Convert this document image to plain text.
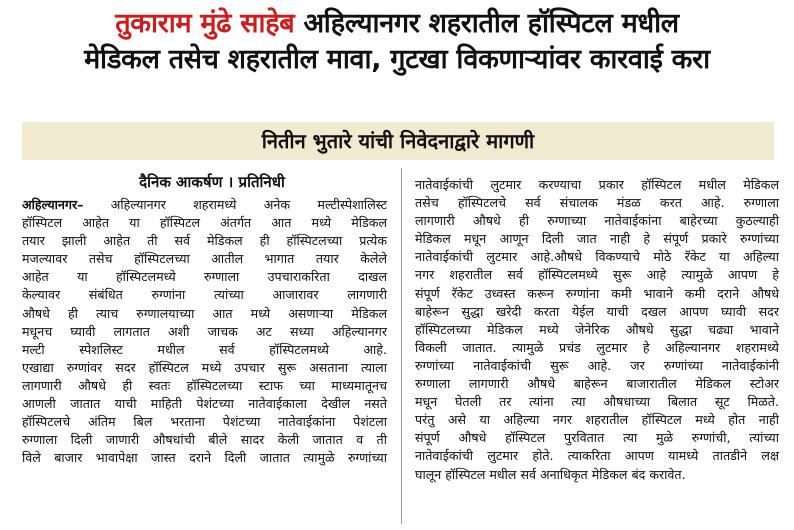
तुकाराम मुंढे साहेब अहिल्यानगर शहरातील हॉस्पिटल मधील
मेडिकल तसेच शहरातील मावा, गुटखा विकणाऱ्यांवर कारवाई करा
नितीन भुतारे यांची निवेदनाद्वारे मागणी
दैनिक आकर्षण । प्रतिनिधी

अहिल्यानगर– अहिल्यानगर शहरामध्ये अनेक मल्टीस्पेशालिस्ट

हॉस्पिटल आहेत या हॉस्पिटल अंतर्गत आत मध्ये मेडिकल

तयार झाली आहेत ती सर्व मेडिकल ही हॉस्पिटलच्या प्रत्येक

मजल्यावर तसेच हॉस्पिटलच्या आतील भागात तयार केलेले

आहेत या हॉस्पिटलमध्ये रुग्णाला उपचाराकरिता दाखल

केल्यावर संबंधित रुग्णांना त्यांच्या आजारावर लागणारी

औषधे ही त्याच रुग्णालयाच्या आत मध्ये असणाऱ्या मेडिकल

मधूनच घ्यावी लागतात अशी जाचक अट सध्या अहिल्यानगर

मल्टी स्पेशलिस्ट मधील सर्व हॉस्पिटलमध्ये आहे.

एखाद्या रुग्णांवर सदर हॉस्पिटल मध्ये उपचार सुरू असताना त्याला

लागणारी औषधे ही स्वतः हॉस्पिटलच्या स्टाफ च्या माध्यमातूनच

आणली जातात याची माहिती पेशंटच्या नातेवाईकाला देखील नसते

हॉस्पिटलचे अंतिम बिल भरताना पेशंटच्या नातेवाईकांना पेशंटला

रुग्णाला दिली जाणारी औषधांची बीले सादर केली जातात व ती

विले बाजार भावापेक्षा जास्त दराने दिली जातात त्यामुळे रुग्णांच्या

नातेवाईकांची लुटमार करण्याचा प्रकार हॉस्पिटल मधील मेडिकल

तसेच हॉस्पिटलचे सर्व संचालक मंडळ करत आहे. रुग्णाला

लागणारी औषधे ही रुग्णाच्या नातेवाईकांना बाहेरच्या कुठल्याही

मेडिकल मधून आणून दिली जात नाही हे संपूर्ण प्रकारे रुग्णांच्या

नातेवाईकांची लुटमार आहे.औषधे विकण्याचे मोठे रॅकेट या अहिल्या

नगर शहरातील सर्व हॉस्पिटलमध्ये सुरू आहे त्यामुळे आपण हे

संपूर्ण रॅकेट उध्वस्त करून रुग्णांना कमी भावाने कमी दराने औषधे

बाहेरून सुद्धा खरेदी करता येईल याची दखल आपण घ्यावी सदर

हॉस्पिटलच्या मेडिकल मध्ये जेनेरिक औषधे सुद्धा चढ्या भावाने

विकली जातात. त्यामुळे प्रचंड लुटमार हे अहिल्यानगर शहरामध्ये

रुग्णांच्या नातेवाईकांची सुरू आहे. जर रुग्णांच्या नातेवाईकांनी

रुग्णाला लागणारी औषधे बाहेरून बाजारातील मेडिकल स्टोअर

मधून घेतली तर त्यांना त्या औषधाच्या बिलात सूट मिळते.

परंतु असे या अहिल्या नगर शहरातील हॉस्पिटल मध्ये होत नाही

संपूर्ण औषधे हॉस्पिटल पुरवितात त्या मुळे रुग्णांची, त्यांच्या

नातेवाईकांची लुटमार होते. त्याकरिता आपण यामध्ये तातडीने लक्ष

घालून हॉस्पिटल मधील सर्व अनाधिकृत मेडिकल बंद करावेत.
